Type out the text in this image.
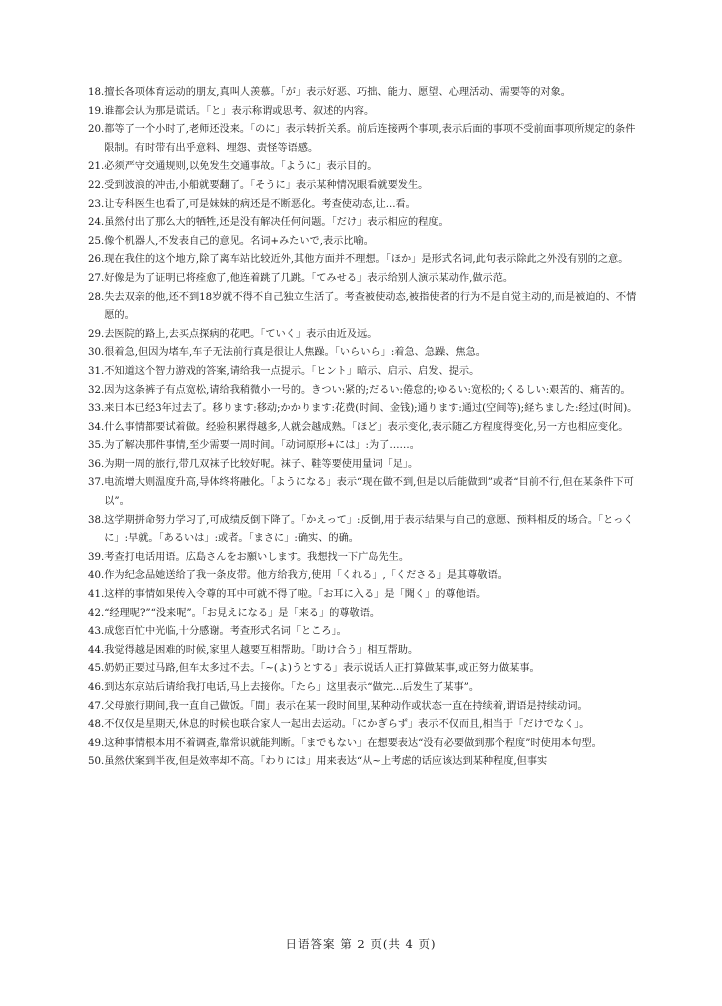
18. 擅长各项体育运动的朋友,真叫人羡慕。「が」表示好恶、巧拙、能力、愿望、心理活动、需要等的对象。
19. 谁都会认为那是谎话。「と」表示称谓或思考、叙述的内容。
20. 都等了一个小时了,老师还没来。「のに」表示转折关系。前后连接两个事项,表示后面的事项不受前面事项所规定的条件限制。有时带有出乎意料、埋怨、责怪等语感。
21. 必须严守交通规则,以免发生交通事故。「ように」表示目的。
22. 受到波浪的冲击,小船就要翻了。「そうに」表示某种情况眼看就要发生。
23. 让专科医生也看了,可是妹妹的病还是不断恶化。考查使动态,让...看。
24. 虽然付出了那么大的牺牲,还是没有解决任何问题。「だけ」表示相应的程度。
25. 像个机器人,不发表自己的意见。名词+みたいで,表示比喻。
26. 现在我住的这个地方,除了离车站比较近外,其他方面并不理想。「ほか」是形式名词,此句表示除此之外没有别的之意。
27. 好像是为了证明已将痊愈了,他连着跳了几跳。「てみせる」表示给别人演示某动作,做示范。
28. 失去双亲的他,还不到18岁就不得不自己独立生活了。考查被使动态,被指使者的行为不是自觉主动的,而是被迫的、不情愿的。
29. 去医院的路上,去买点探病的花吧。「ていく」表示由近及远。
30. 很着急,但因为堵车,车子无法前行真是很让人焦躁。「いらいら」:着急、急躁、焦急。
31. 不知道这个智力游戏的答案,请给我一点提示。「ヒント」暗示、启示、启发、提示。
32. 因为这条裤子有点宽松,请给我稍微小一号的。きつい:紧的;だるい:倦怠的;ゆるい:宽松的;くるしい:艰苦的、痛苦的。
33. 来日本已经3年过去了。移ります:移动;かかります:花费(时间、金钱);通ります:通过(空间等);経ちました:经过(时间)。
34. 什么事情都要试着做。经验积累得越多,人就会越成熟。「ほど」表示变化,表示随乙方程度得变化,另一方也相应变化。
35. 为了解决那件事情,至少需要一周时间。「动词原形+には」:为了……。
36. 为期一周的旅行,带几双袜子比较好呢。袜子、鞋等要使用量词「足」。
37. 电流增大则温度升高,导体终将融化。「ようになる」表示“现在做不到,但是以后能做到”或者“目前不行,但在某条件下可以”。
38. 这学期拼命努力学习了,可成绩反倒下降了。「かえって」:反倒,用于表示结果与自己的意愿、预料相反的场合。「とっくに」:早就。「あるいは」:或者。「まさに」:确实、的确。
39. 考查打电话用语。広島さんをお願いします。我想找一下广岛先生。
40. 作为纪念品她送给了我一条皮带。他方给我方,使用「くれる」,「くださる」是其尊敬语。
41. 这样的事情如果传入令尊的耳中可就不得了啦。「お耳に入る」是「聞く」的尊他语。
42. “经理呢?”“没来呢”。「お見えになる」是「来る」的尊敬语。
43. 成您百忙中光临,十分感谢。考查形式名词「ところ」。
44. 我觉得越是困难的时候,家里人越要互相帮助。「助け合う」相互帮助。
45. 奶奶正要过马路,但车太多过不去。「~(よ)うとする」表示说话人正打算做某事,或正努力做某事。
46. 到达东京站后请给我打电话,马上去接你。「たら」这里表示“做完...后发生了某事”。
47. 父母旅行期间,我一直自己做饭。「間」表示在某一段时间里,某种动作或状态一直在持续着,谓语是持续动词。
48. 不仅仅是星期天,休息的时候也联合家人一起出去运动。「にかぎらず」表示不仅而且,相当于「だけでなく」。
49. 这种事情根本用不着调查,靠常识就能判断。「までもない」在想要表达“没有必要做到那个程度”时使用本句型。
50. 虽然伏案到半夜,但是效率却不高。「わりには」用来表达“从~上考虑的话应该达到某种程度,但事实
日语答案 第 2 页(共 4 页)
